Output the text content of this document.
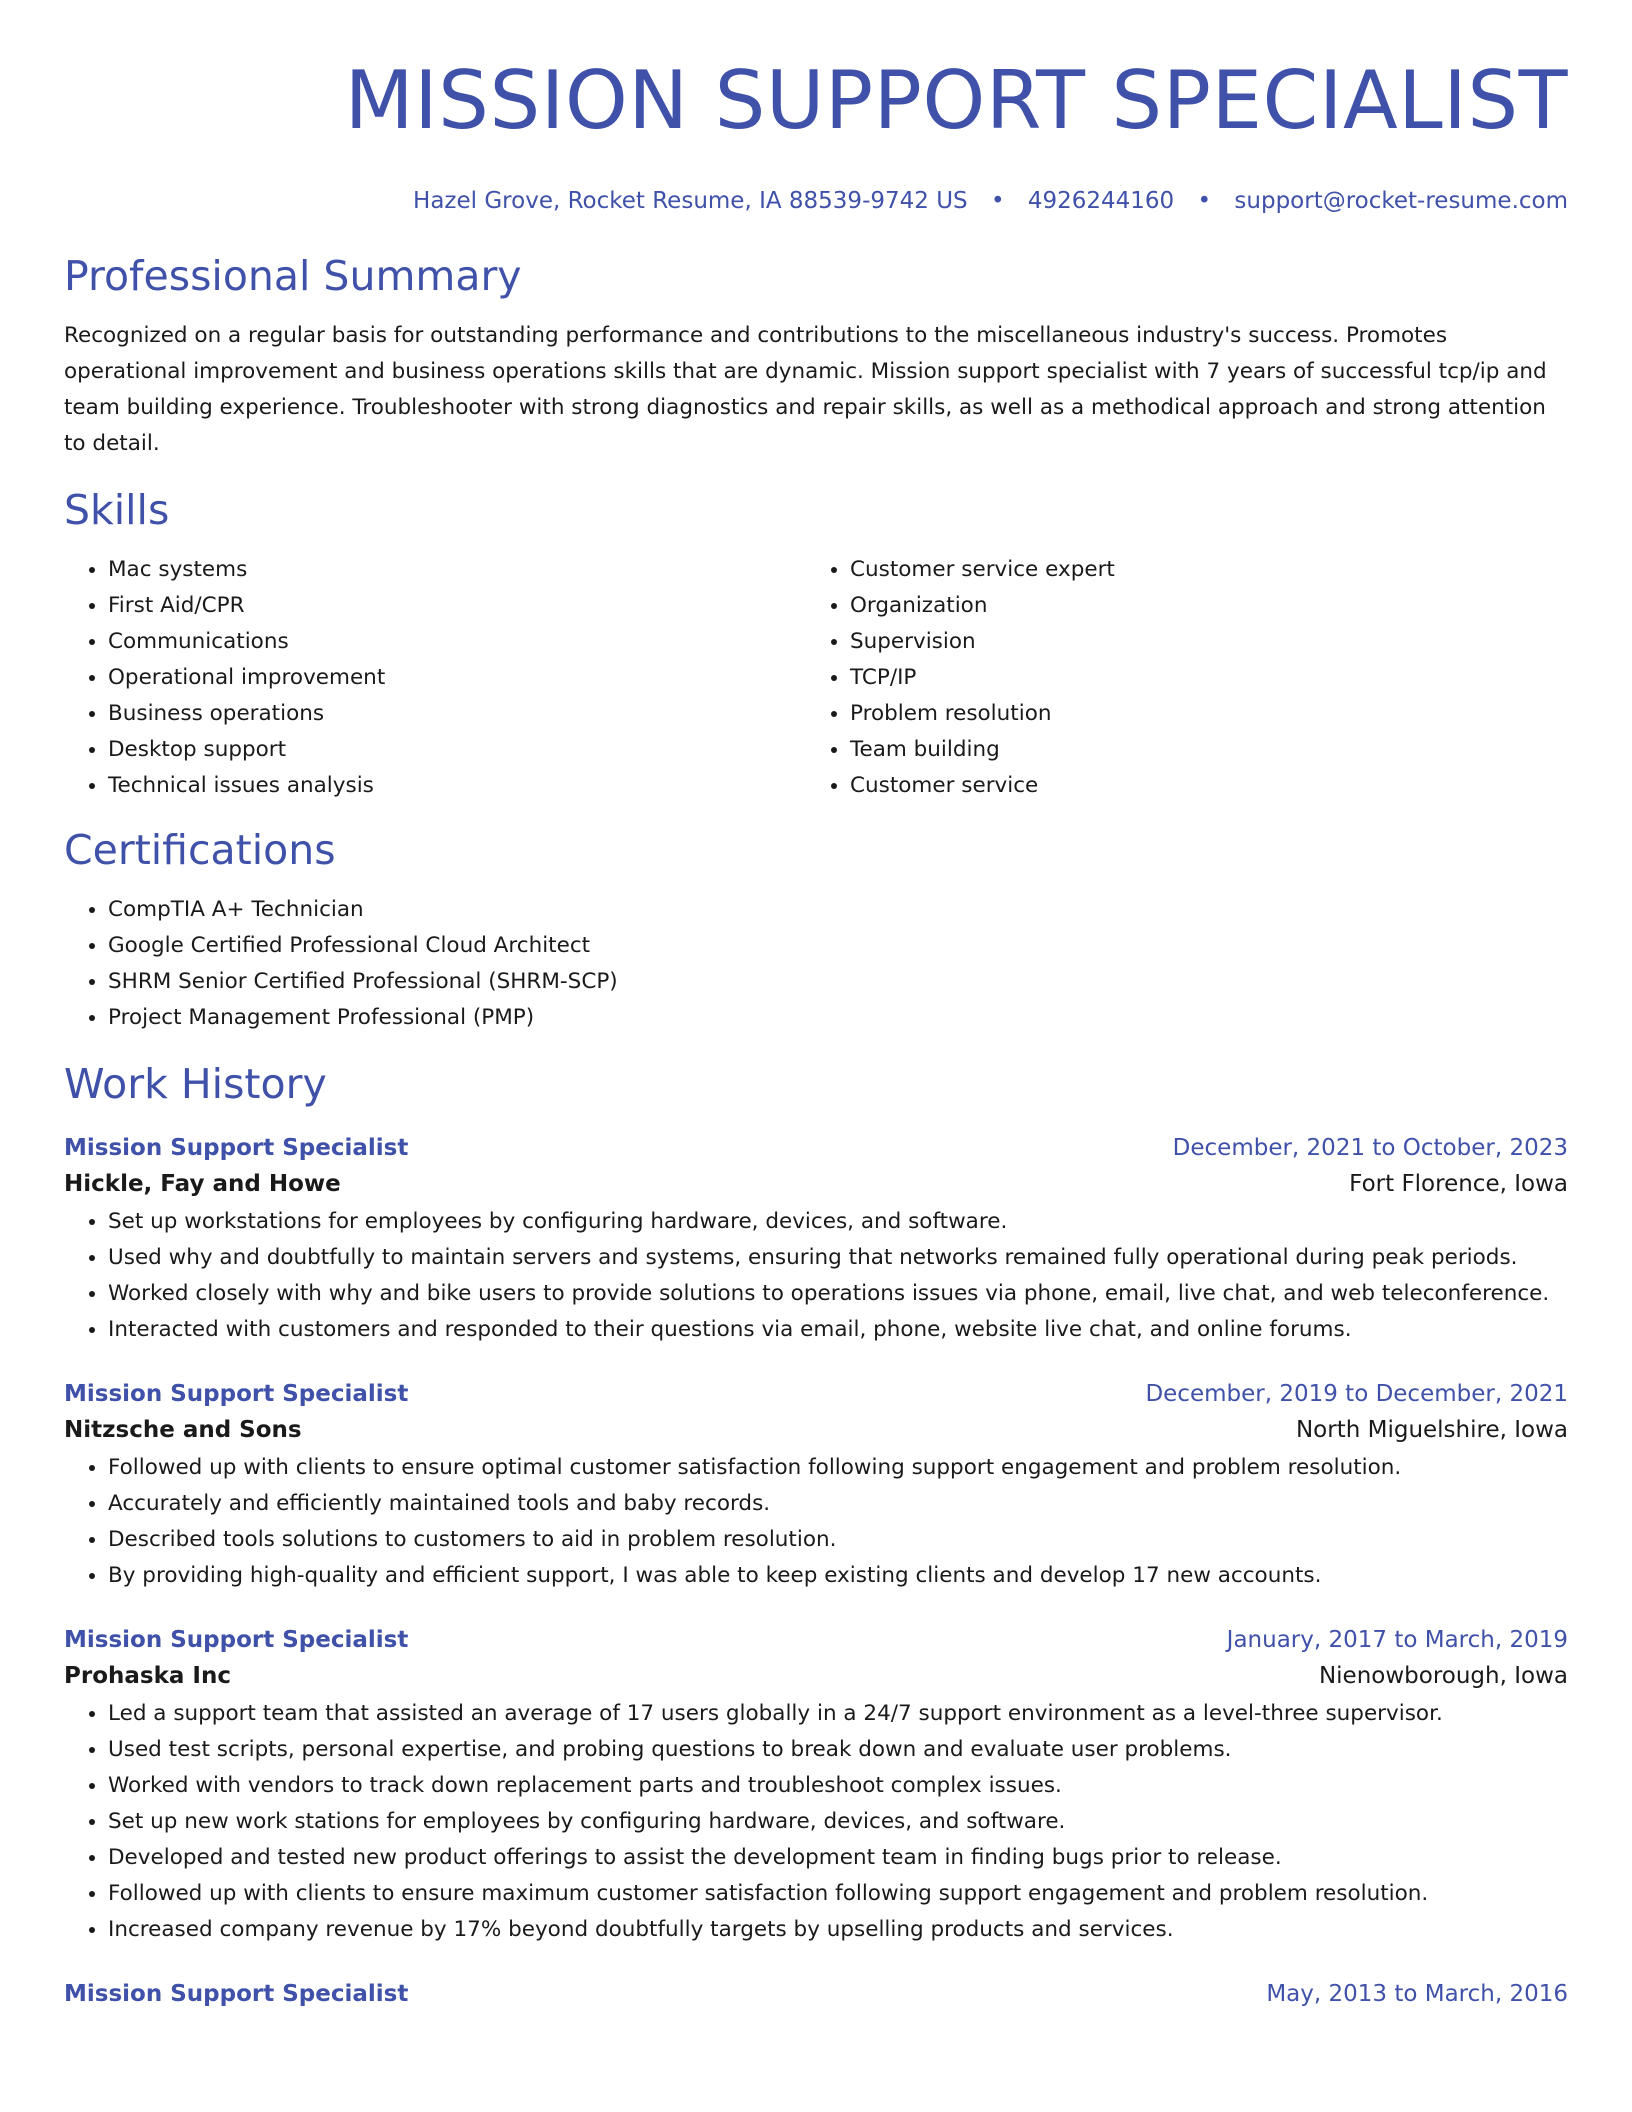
MISSION SUPPORT SPECIALIST
Hazel Grove, Rocket Resume, IA 88539-9742 US • 4926244160 • support@rocket-resume.com
Professional Summary

Recognized on a regular basis for outstanding performance and contributions to the miscellaneous industry's success. Promotes operational improvement and business operations skills that are dynamic. Mission support specialist with 7 years of successful tcp/ip and team building experience. Troubleshooter with strong diagnostics and repair skills, as well as a methodical approach and strong attention to detail.

Skills
• Mac systems
• First Aid/CPR
• Communications
• Operational improvement
• Business operations
• Desktop support
• Technical issues analysis
• Customer service expert
• Organization
• Supervision
• TCP/IP
• Problem resolution
• Team building
• Customer service
Certifications
• CompTIA A+ Technician
• Google Certified Professional Cloud Architect
• SHRM Senior Certified Professional (SHRM-SCP)
• Project Management Professional (PMP)
Work History
Mission Support Specialist	December, 2021 to October, 2023
Hickle, Fay and Howe	Fort Florence, Iowa
• Set up workstations for employees by configuring hardware, devices, and software.
• Used why and doubtfully to maintain servers and systems, ensuring that networks remained fully operational during peak periods.
• Worked closely with why and bike users to provide solutions to operations issues via phone, email, live chat, and web teleconference.
• Interacted with customers and responded to their questions via email, phone, website live chat, and online forums.
Mission Support Specialist	December, 2019 to December, 2021
Nitzsche and Sons	North Miguelshire, Iowa
• Followed up with clients to ensure optimal customer satisfaction following support engagement and problem resolution.
• Accurately and efficiently maintained tools and baby records.
• Described tools solutions to customers to aid in problem resolution.
• By providing high-quality and efficient support, I was able to keep existing clients and develop 17 new accounts.
Mission Support Specialist	January, 2017 to March, 2019
Prohaska Inc	Nienowborough, Iowa
• Led a support team that assisted an average of 17 users globally in a 24/7 support environment as a level-three supervisor.
• Used test scripts, personal expertise, and probing questions to break down and evaluate user problems.
• Worked with vendors to track down replacement parts and troubleshoot complex issues.
• Set up new work stations for employees by configuring hardware, devices, and software.
• Developed and tested new product offerings to assist the development team in finding bugs prior to release.
• Followed up with clients to ensure maximum customer satisfaction following support engagement and problem resolution.
• Increased company revenue by 17% beyond doubtfully targets by upselling products and services.
Mission Support Specialist	May, 2013 to March, 2016
